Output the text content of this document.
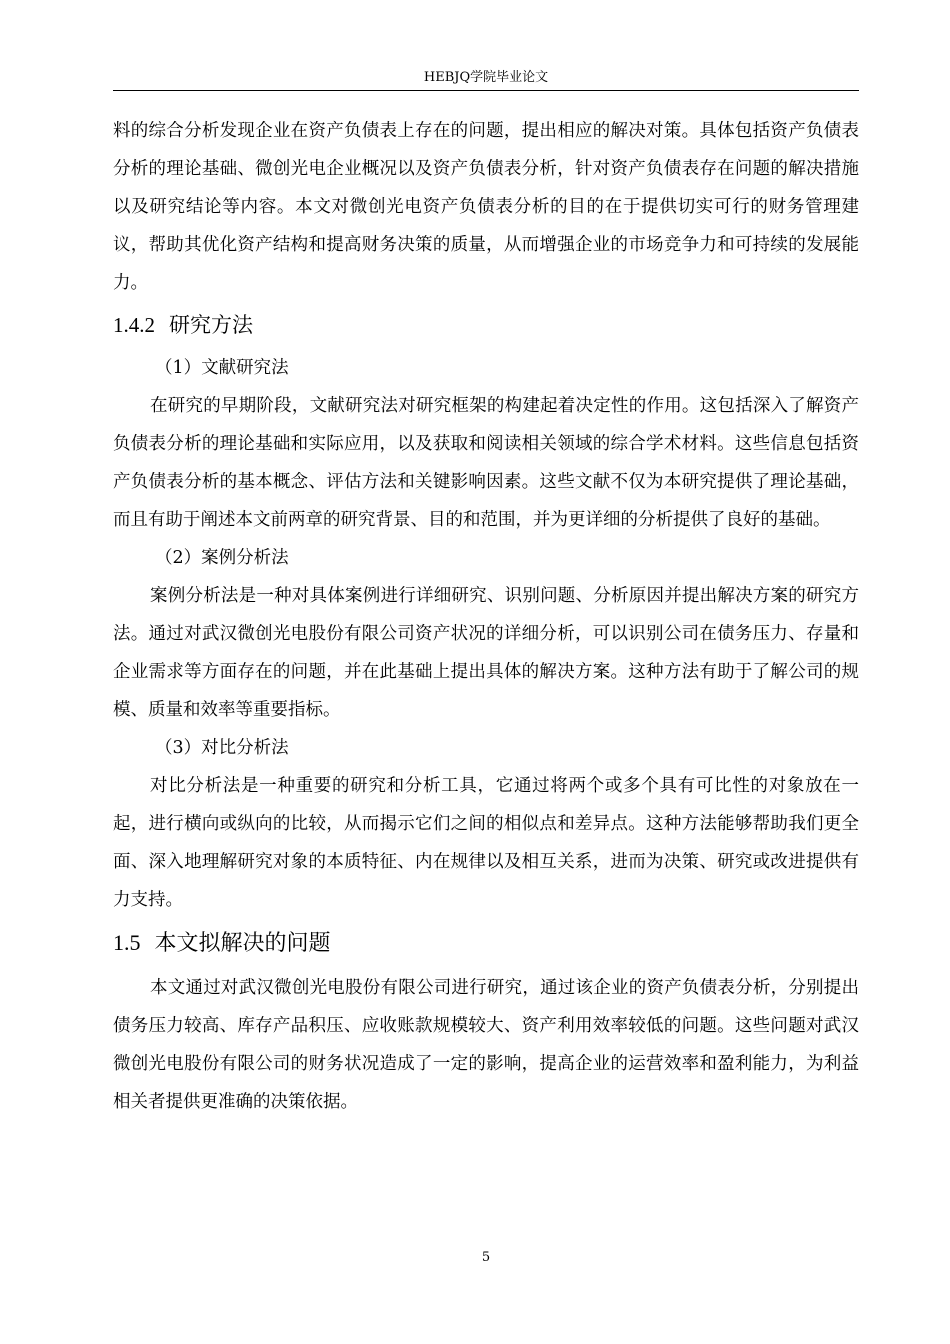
HEBJQ学院毕业论文

料的综合分析发现企业在资产负债表上存在的问题，提出相应的解决对策。具体包括资产负债表分析的理论基础、微创光电企业概况以及资产负债表分析，针对资产负债表存在问题的解决措施以及研究结论等内容。本文对微创光电资产负债表分析的目的在于提供切实可行的财务管理建议，帮助其优化资产结构和提高财务决策的质量，从而增强企业的市场竞争力和可持续的发展能力。

1.4.2 研究方法

（1）文献研究法

在研究的早期阶段，文献研究法对研究框架的构建起着决定性的作用。这包括深入了解资产负债表分析的理论基础和实际应用，以及获取和阅读相关领域的综合学术材料。这些信息包括资产负债表分析的基本概念、评估方法和关键影响因素。这些文献不仅为本研究提供了理论基础，而且有助于阐述本文前两章的研究背景、目的和范围，并为更详细的分析提供了良好的基础。

（2）案例分析法

案例分析法是一种对具体案例进行详细研究、识别问题、分析原因并提出解决方案的研究方法。通过对武汉微创光电股份有限公司资产状况的详细分析，可以识别公司在债务压力、存量和企业需求等方面存在的问题，并在此基础上提出具体的解决方案。这种方法有助于了解公司的规模、质量和效率等重要指标。

（3）对比分析法

对比分析法是一种重要的研究和分析工具，它通过将两个或多个具有可比性的对象放在一起，进行横向或纵向的比较，从而揭示它们之间的相似点和差异点。这种方法能够帮助我们更全面、深入地理解研究对象的本质特征、内在规律以及相互关系，进而为决策、研究或改进提供有力支持。

1.5 本文拟解决的问题

本文通过对武汉微创光电股份有限公司进行研究，通过该企业的资产负债表分析，分别提出债务压力较高、库存产品积压、应收账款规模较大、资产利用效率较低的问题。这些问题对武汉微创光电股份有限公司的财务状况造成了一定的影响，提高企业的运营效率和盈利能力，为利益相关者提供更准确的决策依据。

5
